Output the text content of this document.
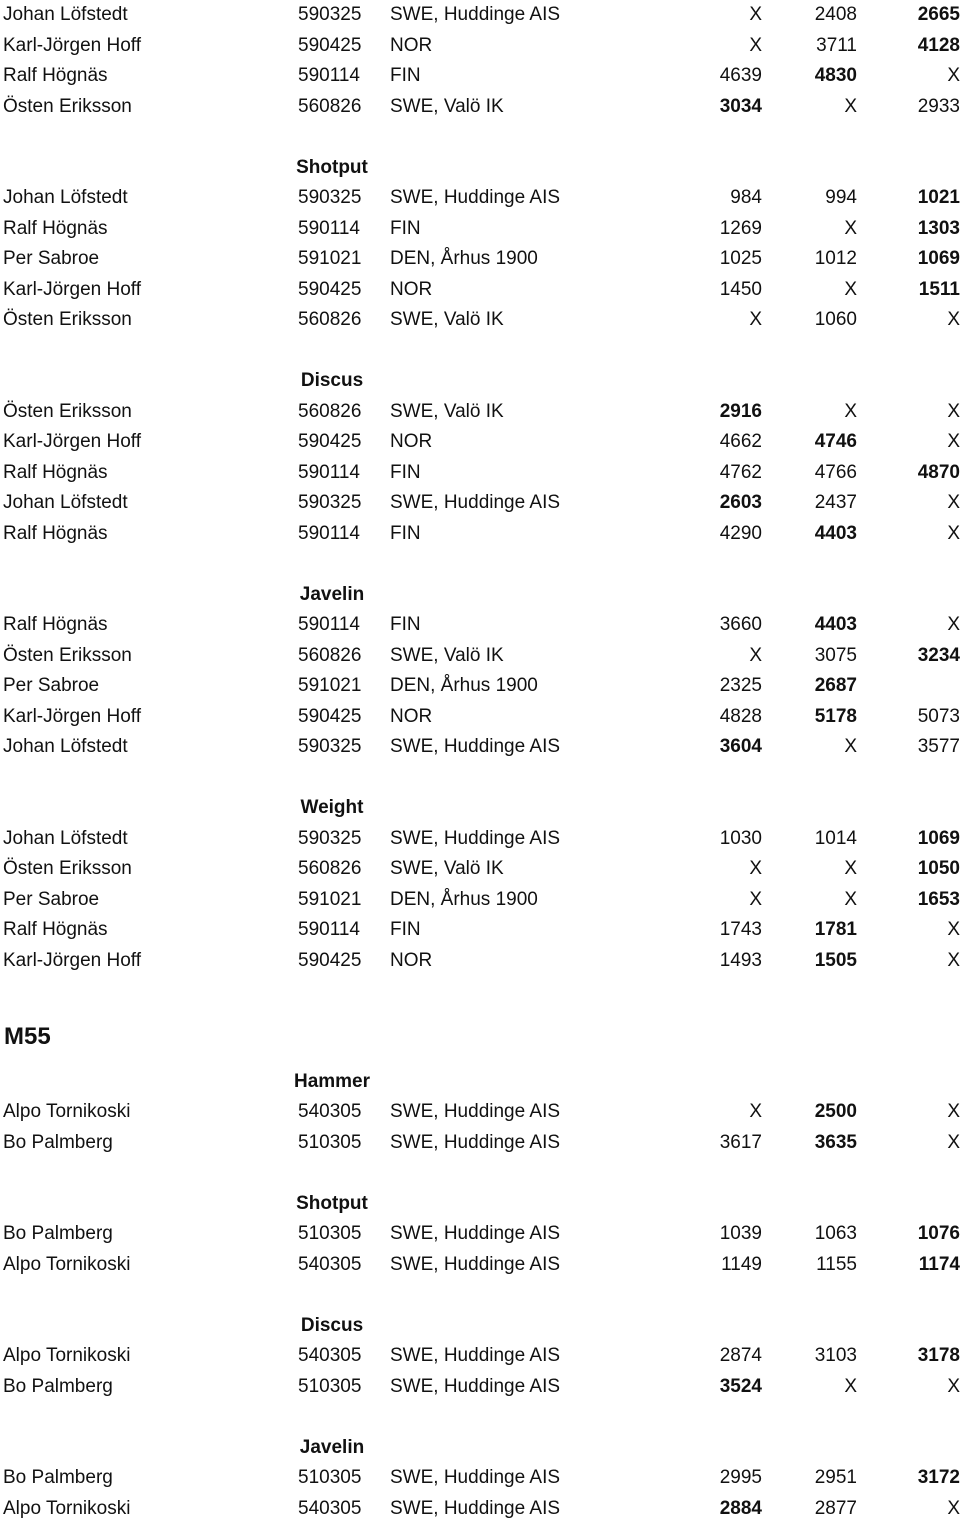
Johan Löfstedt	590325 SWE, Huddinge AIS	X	2408	2665
Karl-Jörgen Hoff	590425 NOR	X	3711	4128
Ralf Högnäs	590114 FIN	4639	4830	X
Östen Eriksson	560826 SWE, Valö IK	3034	X	2933
Shotput
Johan Löfstedt	590325 SWE, Huddinge AIS	984	994	1021
Ralf Högnäs	590114 FIN	1269	X	1303
Per Sabroe	591021 DEN, Århus 1900	1025	1012	1069
Karl-Jörgen Hoff	590425 NOR	1450	X	1511
Östen Eriksson	560826 SWE, Valö IK	X	1060	X
Discus
Östen Eriksson	560826 SWE, Valö IK	2916	X	X
Karl-Jörgen Hoff	590425 NOR	4662	4746	X
Ralf Högnäs	590114 FIN	4762	4766	4870
Johan Löfstedt	590325 SWE, Huddinge AIS	2603	2437	X
Ralf Högnäs	590114 FIN	4290	4403	X
Javelin
Ralf Högnäs	590114 FIN	3660	4403	X
Östen Eriksson	560826 SWE, Valö IK	X	3075	3234
Per Sabroe	591021 DEN, Århus 1900	2325	2687
Karl-Jörgen Hoff	590425 NOR	4828	5178	5073
Johan Löfstedt	590325 SWE, Huddinge AIS	3604	X	3577
Weight
Johan Löfstedt	590325 SWE, Huddinge AIS	1030	1014	1069
Östen Eriksson	560826 SWE, Valö IK	X	X	1050
Per Sabroe	591021 DEN, Århus 1900	X	X	1653
Ralf Högnäs	590114 FIN	1743	1781	X
Karl-Jörgen Hoff	590425 NOR	1493	1505	X
M55
Hammer
Alpo Tornikoski	540305 SWE, Huddinge AIS	X	2500	X
Bo Palmberg	510305 SWE, Huddinge AIS	3617	3635	X
Shotput
Bo Palmberg	510305 SWE, Huddinge AIS	1039	1063	1076
Alpo Tornikoski	540305 SWE, Huddinge AIS	1149	1155	1174
Discus
Alpo Tornikoski	540305 SWE, Huddinge AIS	2874	3103	3178
Bo Palmberg	510305 SWE, Huddinge AIS	3524	X	X
Javelin
Bo Palmberg	510305 SWE, Huddinge AIS	2995	2951	3172
Alpo Tornikoski	540305 SWE, Huddinge AIS	2884	2877	X
